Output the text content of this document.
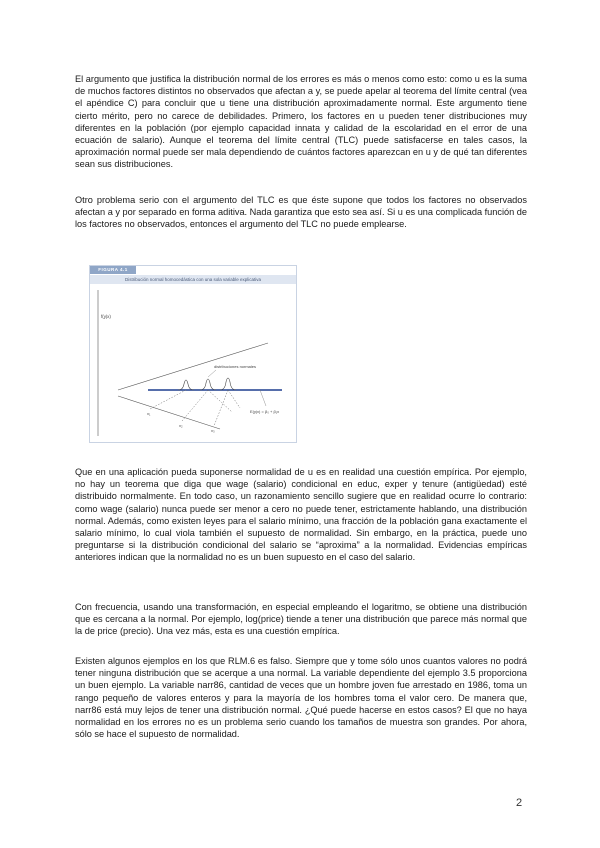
El argumento que justifica la distribución normal de los errores es más o menos como esto: como u es la suma de muchos factores distintos no observados que afectan a y, se puede apelar al teorema del límite central (vea el apéndice C) para concluir que u tiene una distribución aproximadamente normal. Este argumento tiene cierto mérito, pero no carece de debilidades. Primero, los factores en u pueden tener distribuciones muy diferentes en la población (por ejemplo capacidad innata y calidad de la escolaridad en el error de una ecuación de salario). Aunque el teorema del límite central (TLC) puede satisfacerse en tales casos, la aproximación normal puede ser mala dependiendo de cuántos factores aparezcan en u y de qué tan diferentes sean sus distribuciones.

Otro problema serio con el argumento del TLC es que éste supone que todos los factores no observados afectan a y por separado en forma aditiva. Nada garantiza que esto sea así. Si u es una complicada función de los factores no observados, entonces el argumento del TLC no puede emplearse.

FIGURA 4.1
Distribución normal homocedástica con una sola variable explicativa
f(y|x)
distribuciones normales
E(y|x) = β₀ + β₁x
x₁
x₂
x₃

Que en una aplicación pueda suponerse normalidad de u es en realidad una cuestión empírica. Por ejemplo, no hay un teorema que diga que wage (salario) condicional en educ, exper y tenure (antigüedad) esté distribuido normalmente. En todo caso, un razonamiento sencillo sugiere que en realidad ocurre lo contrario: como wage (salario) nunca puede ser menor a cero no puede tener, estrictamente hablando, una distribución normal. Además, como existen leyes para el salario mínimo, una fracción de la población gana exactamente el salario mínimo, lo cual viola también el supuesto de normalidad. Sin embargo, en la práctica, puede uno preguntarse si la distribución condicional del salario se “aproxima” a la normalidad. Evidencias empíricas anteriores indican que la normalidad no es un buen supuesto en el caso del salario.

Con frecuencia, usando una transformación, en especial empleando el logaritmo, se obtiene una distribución que es cercana a la normal. Por ejemplo, log(price) tiende a tener una distribución que parece más normal que la de price (precio). Una vez más, esta es una cuestión empírica.

Existen algunos ejemplos en los que RLM.6 es falso. Siempre que y tome sólo unos cuantos valores no podrá tener ninguna distribución que se acerque a una normal. La variable dependiente del ejemplo 3.5 proporciona un buen ejemplo. La variable narr86, cantidad de veces que un hombre joven fue arrestado en 1986, toma un rango pequeño de valores enteros y para la mayoría de los hombres toma el valor cero. De manera que, narr86 está muy lejos de tener una distribución normal. ¿Qué puede hacerse en estos casos? El que no haya normalidad en los errores no es un problema serio cuando los tamaños de muestra son grandes. Por ahora, sólo se hace el supuesto de normalidad.

2
